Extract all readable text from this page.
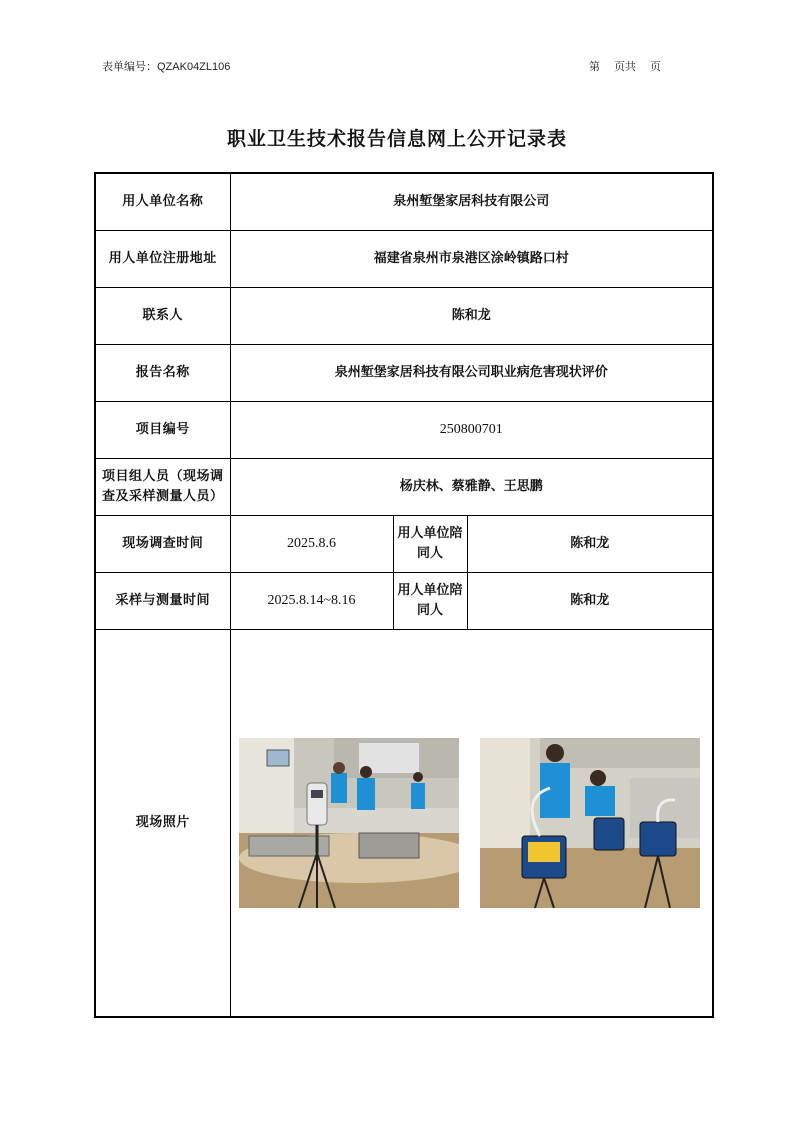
表单编号：QZAK04ZL106	第 页共 页
职业卫生技术报告信息网上公开记录表
用人单位名称	泉州堑堡家居科技有限公司		
用人单位注册地址	福建省泉州市泉港区涂岭镇路口村		
联系人	陈和龙		
报告名称	泉州堑堡家居科技有限公司职业病危害现状评价		
项目编号	250800701		
项目组人员（现场调查及采样测量人员）	杨庆林、蔡雅静、王思鹏		
现场调查时间	2025.8.6	用人单位陪同人	陈和龙
采样与测量时间	2025.8.14~8.16	用人单位陪同人	陈和龙
现场照片	
